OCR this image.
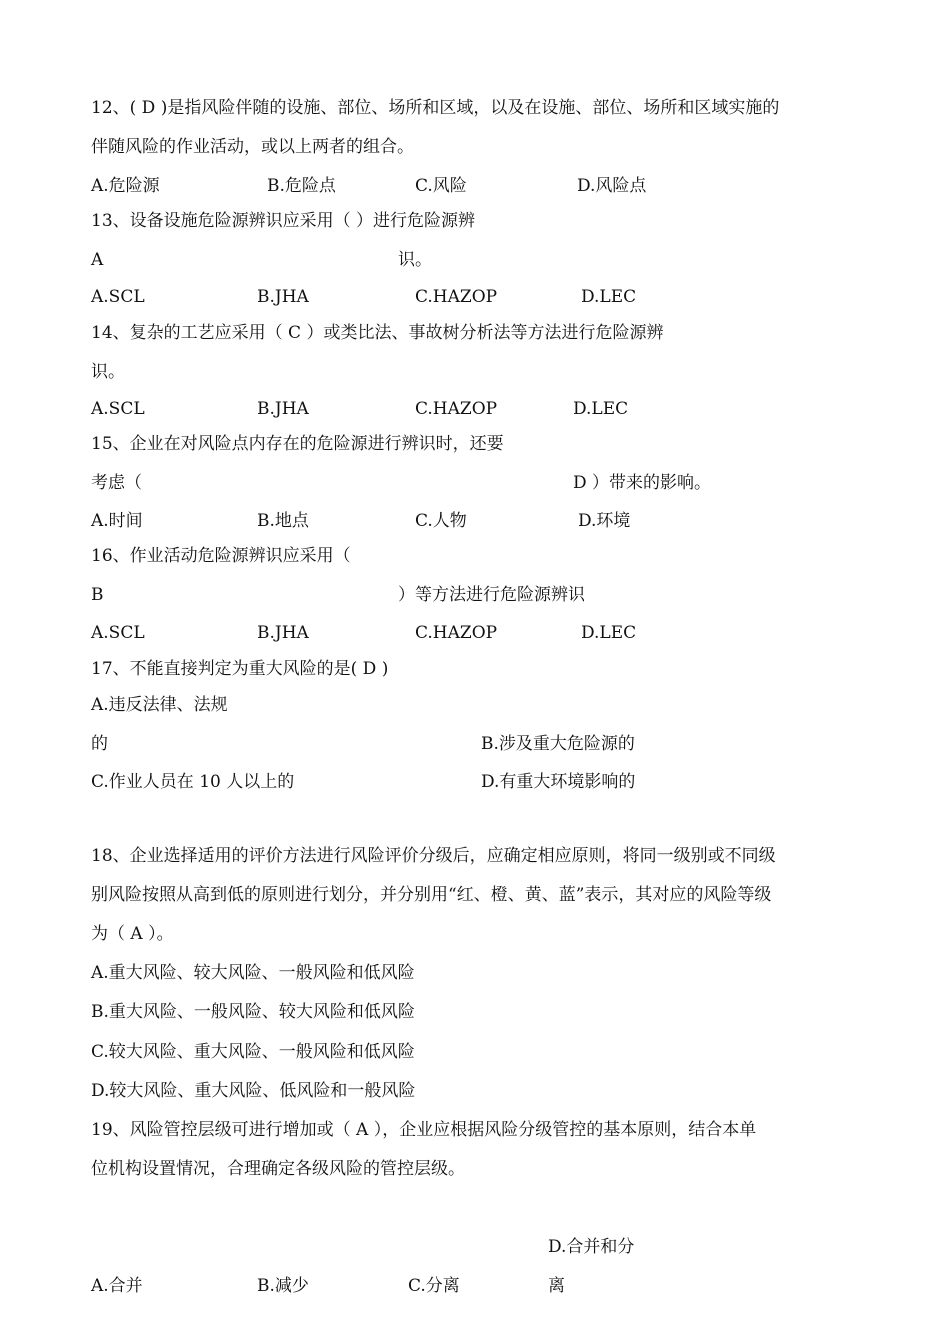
12、( D )是指风险伴随的设施、部位、场所和区域，以及在设施、部位、场所和区域实施的
伴随风险的作业活动，或以上两者的组合。
A.危险源	B.危险点	C.风险	D.风险点
13、设备设施危险源辨识应采用（ ）进行危险源辨
A	识。
A.SCL	B.JHA	C.HAZOP	D.LEC
14、复杂的工艺应采用（ C ）或类比法、事故树分析法等方法进行危险源辨
识。
A.SCL	B.JHA	C.HAZOP	D.LEC
15、企业在对风险点内存在的危险源进行辨识时，还要
考虑（	D ）带来的影响。
A.时间	B.地点	C.人物	D.环境
16、作业活动危险源辨识应采用（
B	）等方法进行危险源辨识
A.SCL	B.JHA	C.HAZOP	D.LEC
17、不能直接判定为重大风险的是( D )
A.违反法律、法规
的	B.涉及重大危险源的
C.作业人员在 10 人以上的	D.有重大环境影响的
18、企业选择适用的评价方法进行风险评价分级后，应确定相应原则，将同一级别或不同级
别风险按照从高到低的原则进行划分，并分别用“红、橙、黄、蓝”表示，其对应的风险等级
为（ A ）。
A.重大风险、较大风险、一般风险和低风险
B.重大风险、一般风险、较大风险和低风险
C.较大风险、重大风险、一般风险和低风险
D.较大风险、重大风险、低风险和一般风险
19、风险管控层级可进行增加或（ A ），企业应根据风险分级管控的基本原则，结合本单
位机构设置情况，合理确定各级风险的管控层级。
D.合并和分
A.合并	B.减少	C.分离	离
